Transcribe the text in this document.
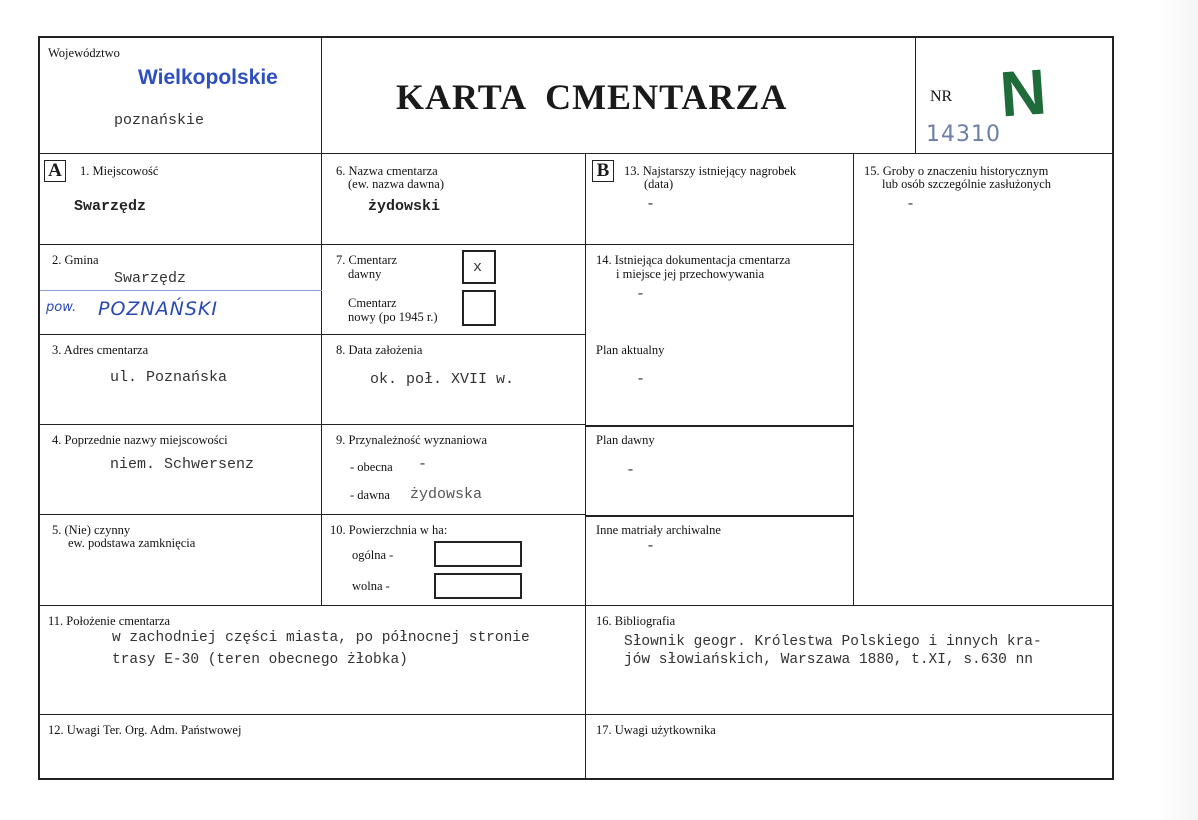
Województwo
Wielkopolskie
poznańskie
KARTA  CMENTARZA	NR N
14310
A	B
1. Miejscowość
Swarzędz
2. Gmina
Swarzędz
pow. POZNAŃSKI
3. Adres cmentarza
ul. Poznańska
4. Poprzednie nazwy miejscowości
niem. Schwersenz
5. (Nie) czynny
ew. podstawa zamknięcia
6. Nazwa cmentarza
(ew. nazwa dawna)
żydowski
7. Cmentarz
dawny	x
Cmentarz
nowy (po 1945 r.)
8. Data założenia
ok. poł. XVII w.
9. Przynależność wyznaniowa
- obecna -
- dawna żydowska
10. Powierzchnia w ha:
ogólna -
wolna -
13. Najstarszy istniejący nagrobek
(data)
-
14. Istniejąca dokumentacja cmentarza
i miejsce jej przechowywania
-
Plan aktualny
-
Plan dawny
-
Inne matriały archiwalne
-
15. Groby o znaczeniu historycznym
lub osób szczególnie zasłużonych
-
11. Położenie cmentarza
w zachodniej części miasta, po północnej stronie
trasy E-30 (teren obecnego żłobka)
16. Bibliografia
Słownik geogr. Królestwa Polskiego i innych kra-
jów słowiańskich, Warszawa 1880, t.XI, s.630 nn
12. Uwagi Ter. Org. Adm. Państwowej	17. Uwagi użytkownika
